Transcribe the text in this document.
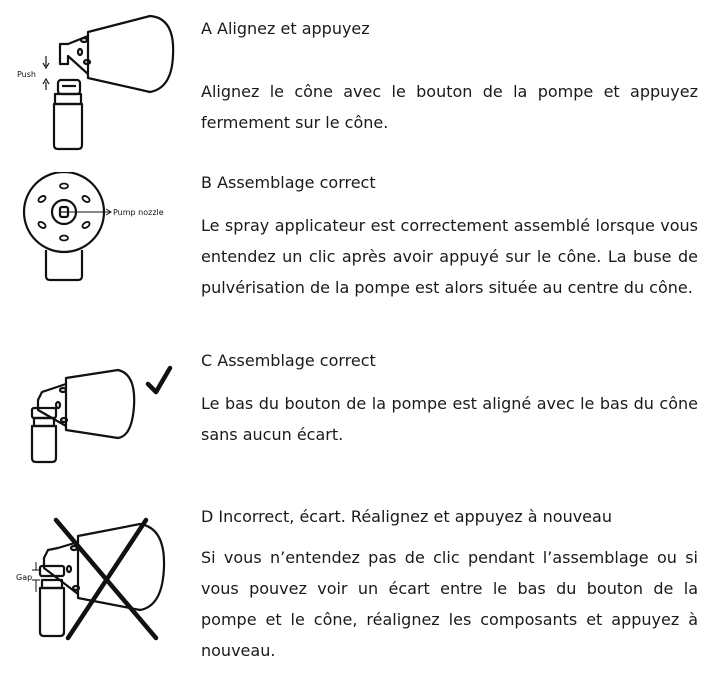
Push
A Alignez et appuyez

Alignez le cône avec le bouton de la pompe et appuyez fermement sur le cône.

Pump nozzle
B Assemblage correct

Le spray applicateur est correctement assemblé lorsque vous entendez un clic après avoir appuyé sur le cône. La buse de pulvérisation de la pompe est alors située au centre du cône.

C Assemblage correct

Le bas du bouton de la pompe est aligné avec le bas du cône sans aucun écart.

Gap
D Incorrect, écart. Réalignez et appuyez à nouveau

Si vous n’entendez pas de clic pendant l’assemblage ou si vous pouvez voir un écart entre le bas du bouton de la pompe et le cône, réalignez les composants et appuyez à nouveau.
